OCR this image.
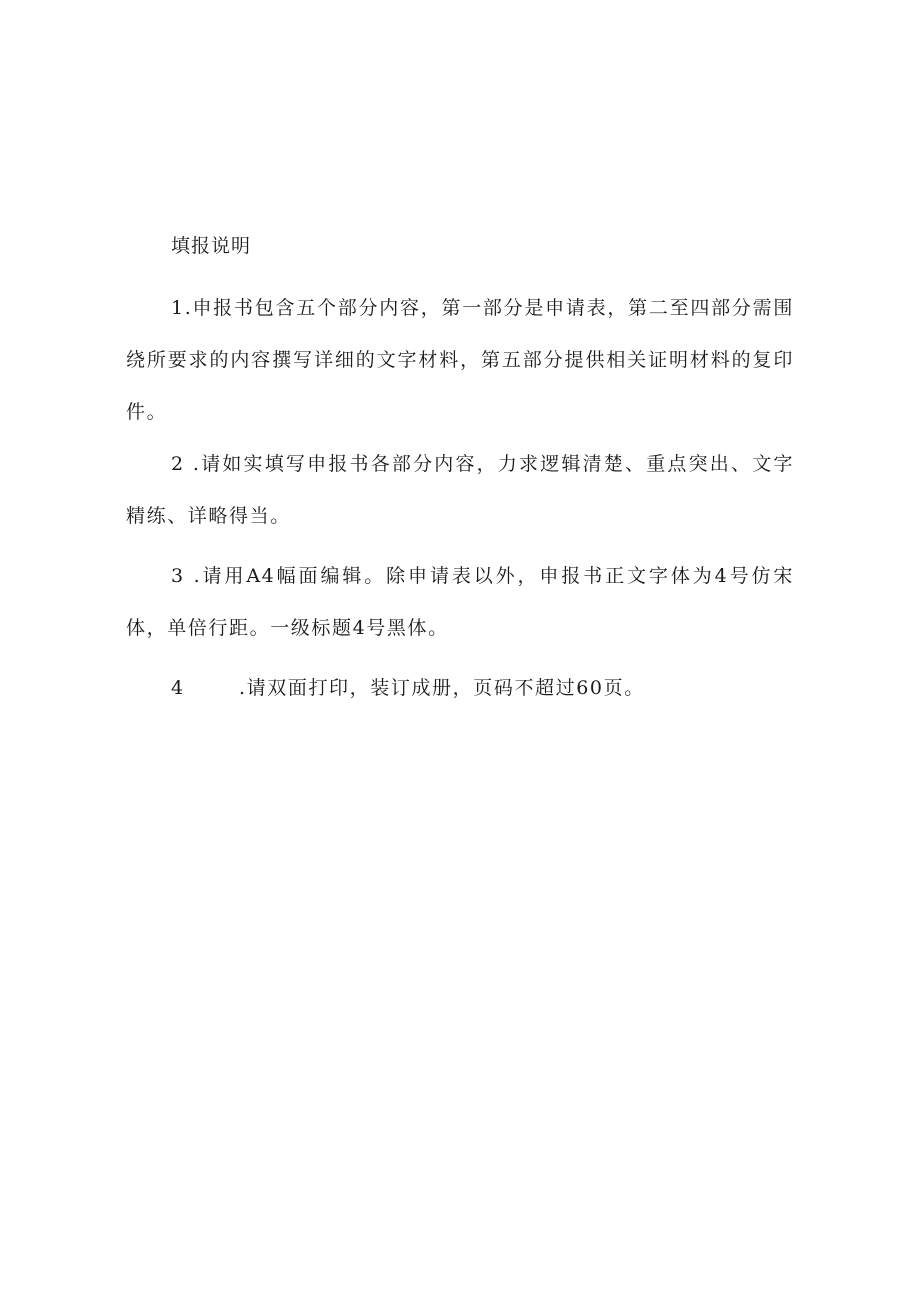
填报说明

1.申报书包含五个部分内容，第一部分是申请表，第二至四部分需围绕所要求的内容撰写详细的文字材料，第五部分提供相关证明材料的复印件。

2 .请如实填写申报书各部分内容，力求逻辑清楚、重点突出、文字精练、详略得当。

3 .请用A4幅面编辑。除申请表以外，申报书正文字体为4号仿宋体，单倍行距。一级标题4号黑体。

4	.请双面打印，装订成册，页码不超过60页。
